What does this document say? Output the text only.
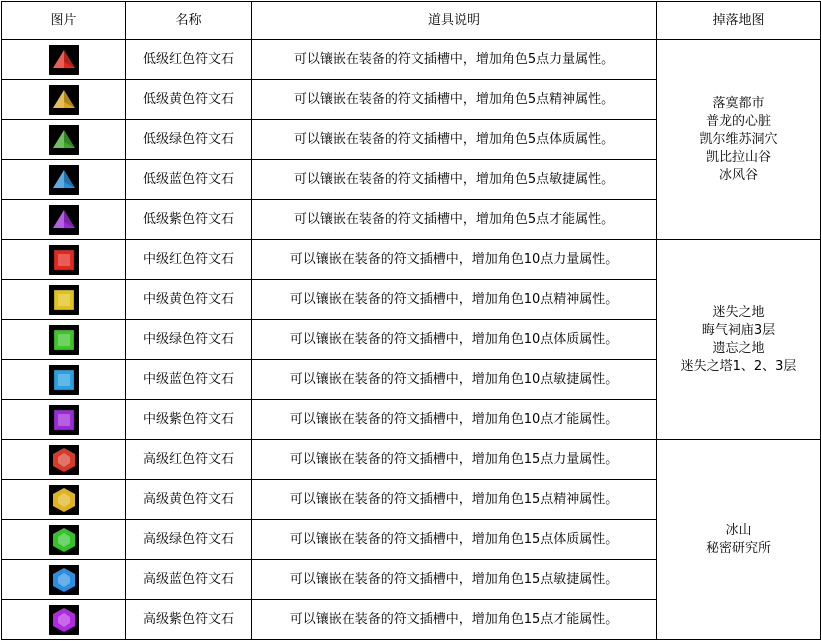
图片	名称	道具说明	掉落地图

	低级红色符文石	可以镶嵌在装备的符文插槽中，增加角色5点力量属性。	落寞都市
普龙的心脏
凯尔维苏洞穴
凯比拉山谷
冰风谷

	低级黄色符文石	可以镶嵌在装备的符文插槽中，增加角色5点精神属性。	

	低级绿色符文石	可以镶嵌在装备的符文插槽中，增加角色5点体质属性。	

	低级蓝色符文石	可以镶嵌在装备的符文插槽中，增加角色5点敏捷属性。	

	低级紫色符文石	可以镶嵌在装备的符文插槽中，增加角色5点才能属性。	

	中级红色符文石	可以镶嵌在装备的符文插槽中，增加角色10点力量属性。	迷失之地
晦气祠庙3层
遗忘之地
迷失之塔1、2、3层

	中级黄色符文石	可以镶嵌在装备的符文插槽中，增加角色10点精神属性。	

	中级绿色符文石	可以镶嵌在装备的符文插槽中，增加角色10点体质属性。	

	中级蓝色符文石	可以镶嵌在装备的符文插槽中，增加角色10点敏捷属性。	

	中级紫色符文石	可以镶嵌在装备的符文插槽中，增加角色10点才能属性。	

	高级红色符文石	可以镶嵌在装备的符文插槽中，增加角色15点力量属性。	冰山
秘密研究所

	高级黄色符文石	可以镶嵌在装备的符文插槽中，增加角色15点精神属性。	

	高级绿色符文石	可以镶嵌在装备的符文插槽中，增加角色15点体质属性。	

	高级蓝色符文石	可以镶嵌在装备的符文插槽中，增加角色15点敏捷属性。	

	高级紫色符文石	可以镶嵌在装备的符文插槽中，增加角色15点才能属性。	
